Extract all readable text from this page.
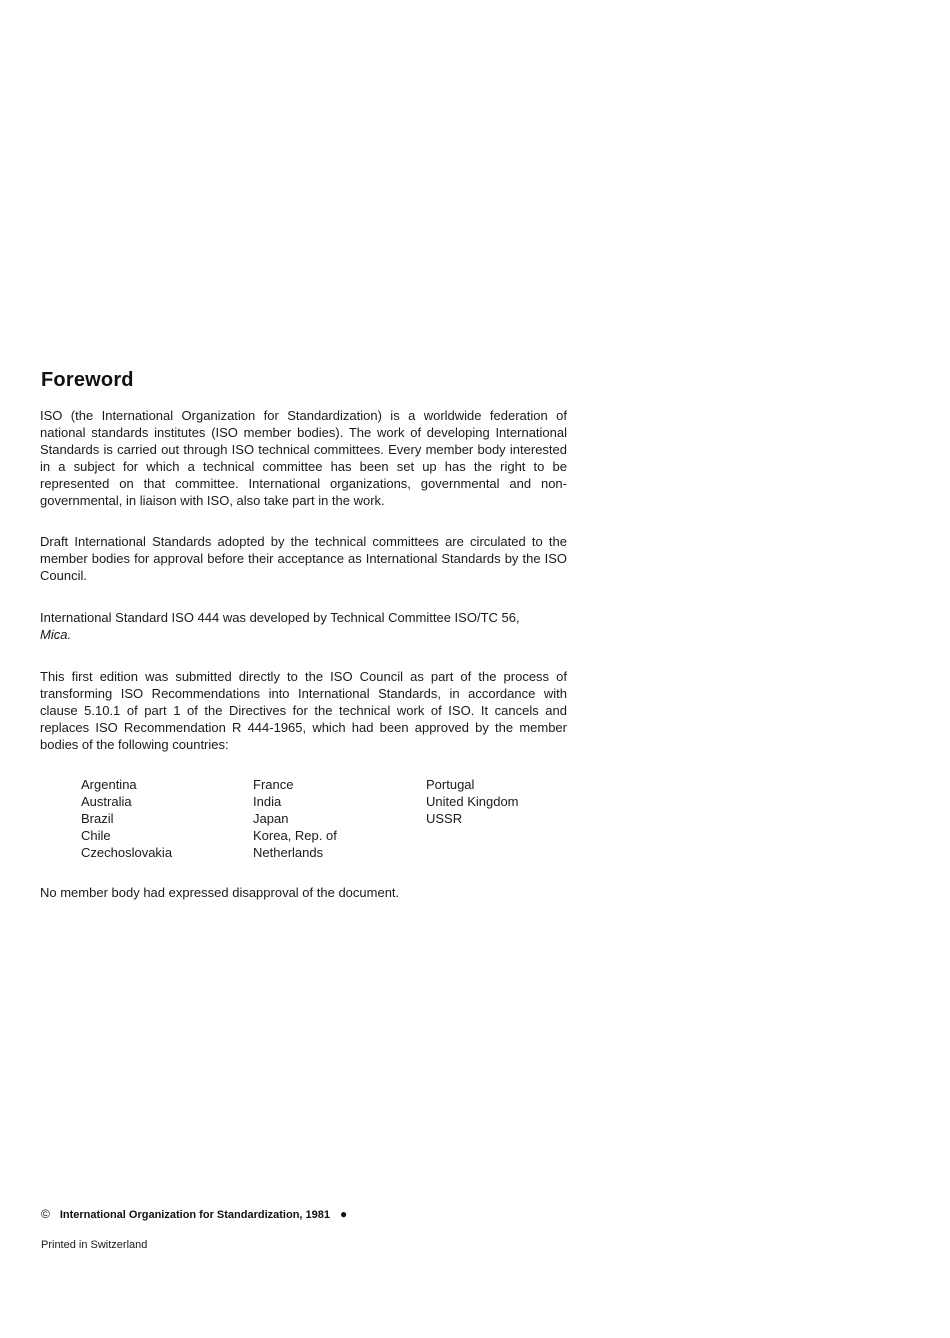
Foreword

ISO (the International Organization for Standardization) is a worldwide federation of national standards institutes (ISO member bodies). The work of developing International Standards is carried out through ISO technical committees. Every member body interested in a subject for which a technical committee has been set up has the right to be represented on that committee. International organizations, governmental and non-governmental, in liaison with ISO, also take part in the work.

Draft International Standards adopted by the technical committees are circulated to the member bodies for approval before their acceptance as International Standards by the ISO Council.

International Standard ISO 444 was developed by Technical Committee ISO/TC 56,
Mica.

This first edition was submitted directly to the ISO Council as part of the process of transforming ISO Recommendations into International Standards, in accordance with clause 5.10.1 of part 1 of the Directives for the technical work of ISO. It cancels and replaces ISO Recommendation R 444-1965, which had been approved by the member bodies of the following countries:

Argentina
Australia
Brazil
Chile
Czechoslovakia
France
India
Japan
Korea, Rep. of
Netherlands
Portugal
United Kingdom
USSR

No member body had expressed disapproval of the document.

© International Organization for Standardization, 1981 ●
Printed in Switzerland
